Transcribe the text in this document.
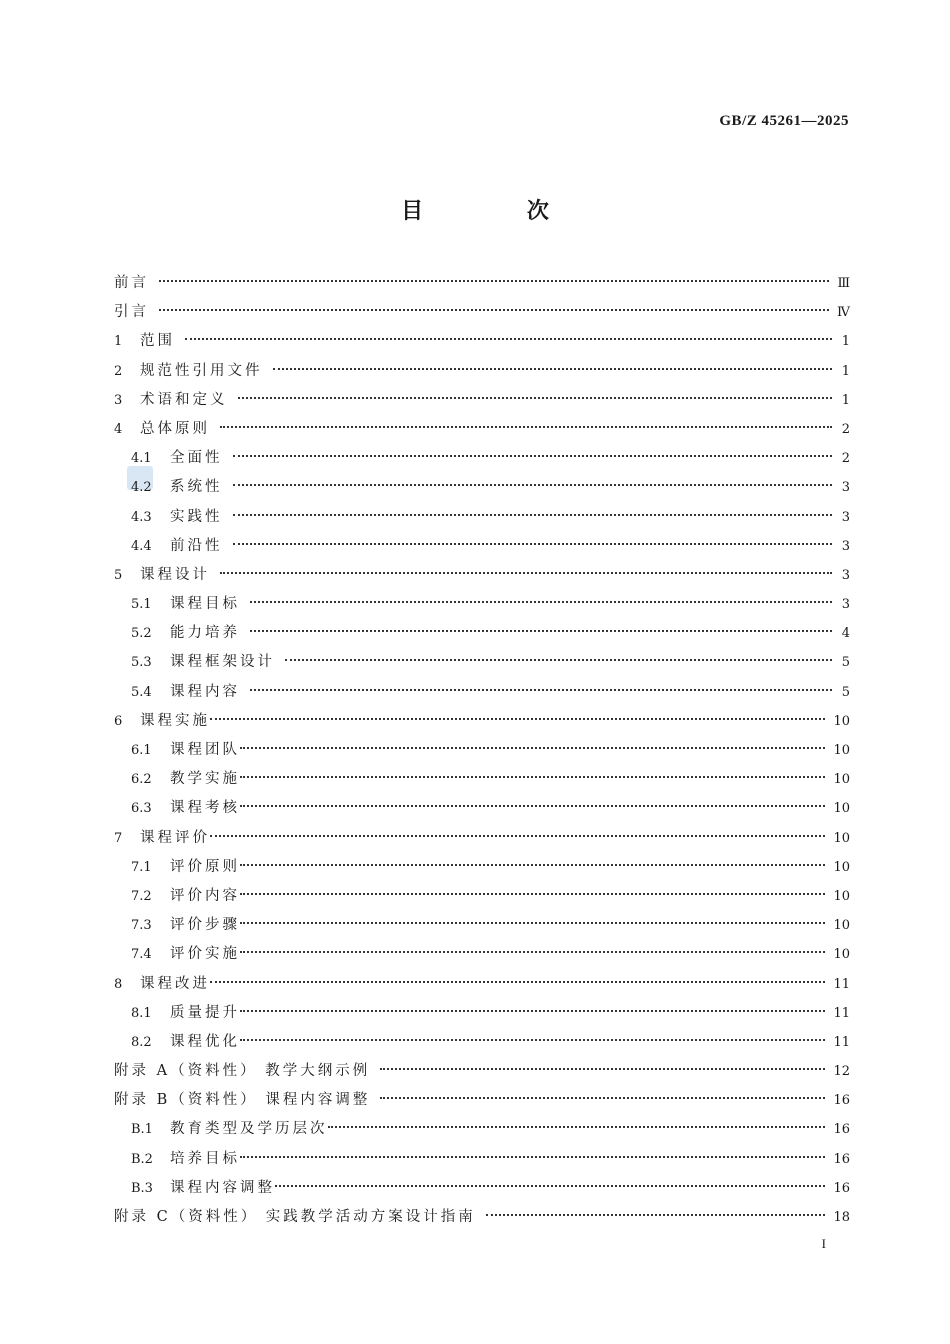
GB/Z 45261—2025
目 次
前言	Ⅲ
引言	Ⅳ
1	范围	1
2	规范性引用文件	1
3	术语和定义	1
4	总体原则	2
4.1	全面性	2
4.2	系统性	3
4.3	实践性	3
4.4	前沿性	3
5	课程设计	3
5.1	课程目标	3
5.2	能力培养	4
5.3	课程框架设计	5
5.4	课程内容	5
6	课程实施	10
6.1	课程团队	10
6.2	教学实施	10
6.3	课程考核	10
7	课程评价	10
7.1	评价原则	10
7.2	评价内容	10
7.3	评价步骤	10
7.4	评价实施	10
8	课程改进	11
8.1	质量提升	11
8.2	课程优化	11
附录 A（资料性） 教学大纲示例	12
附录 B（资料性） 课程内容调整	16
B.1	教育类型及学历层次	16
B.2	培养目标	16
B.3	课程内容调整	16
附录 C（资料性） 实践教学活动方案设计指南	18
I
